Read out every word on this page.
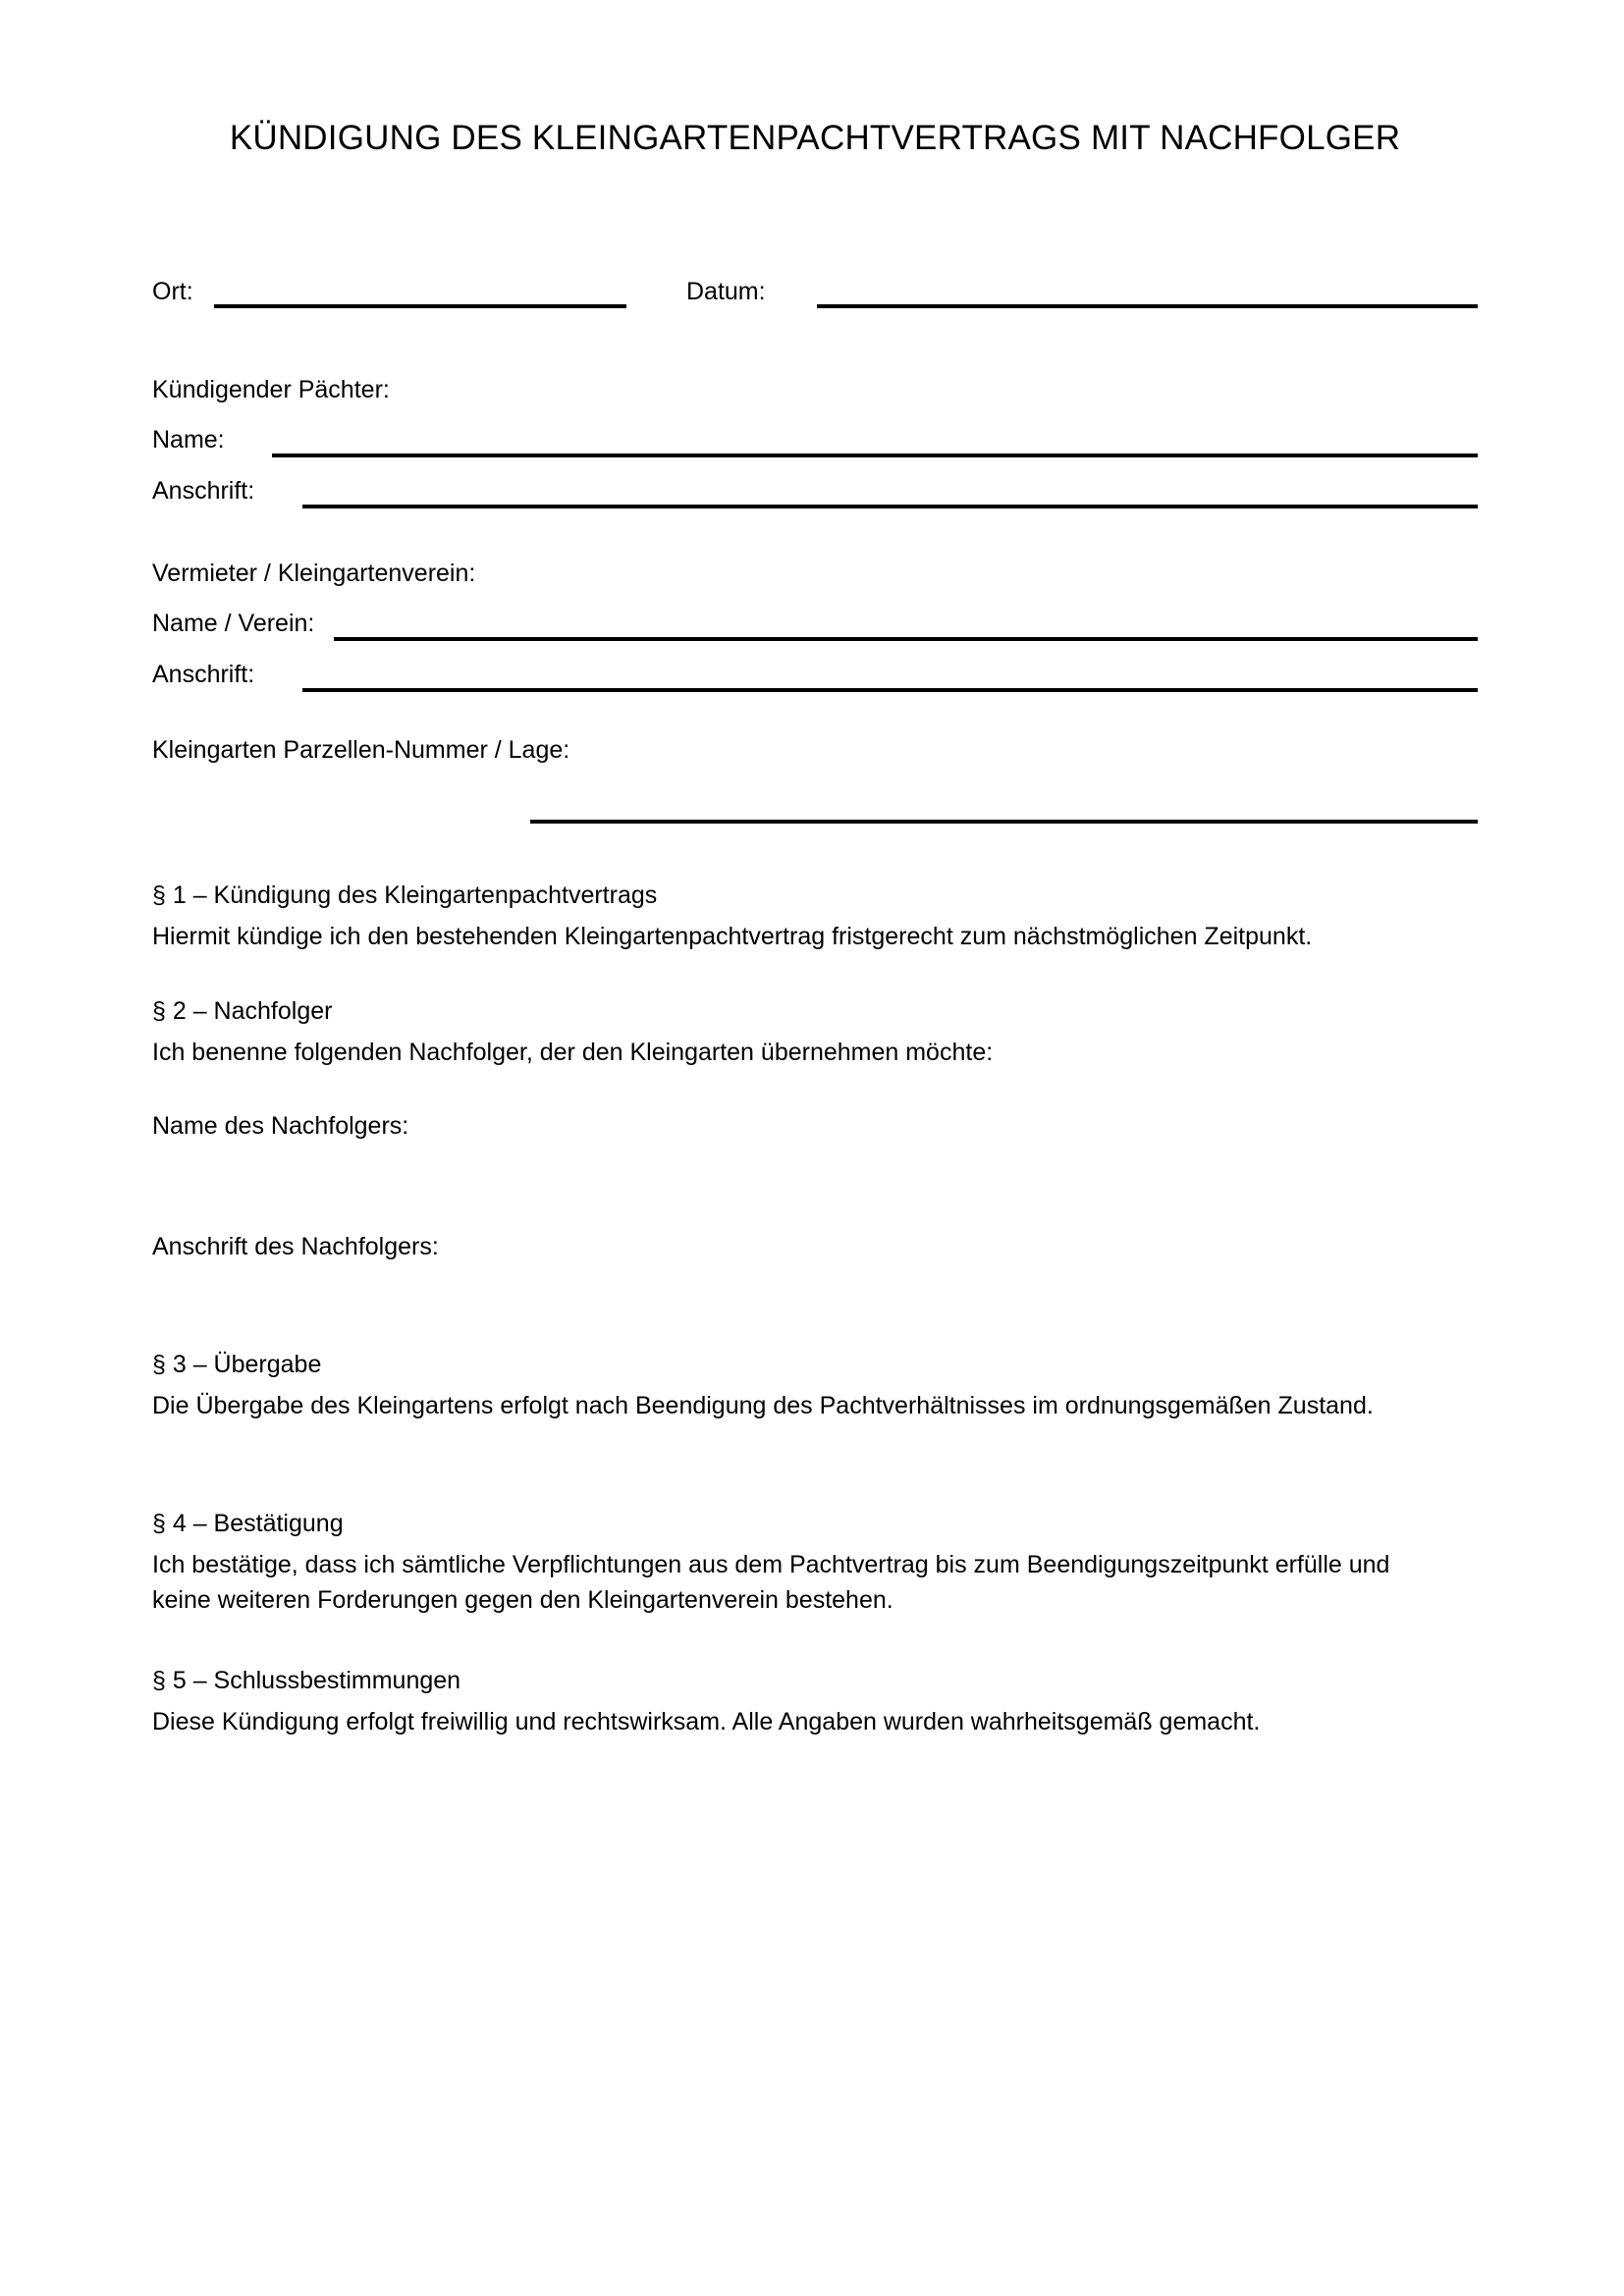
KÜNDIGUNG DES KLEINGARTENPACHTVERTRAGS MIT NACHFOLGER
Ort:	Datum:

Kündigender Pächter:

Name:
Anschrift:

Vermieter / Kleingartenverein:

Name / Verein:
Anschrift:

Kleingarten Parzellen-Nummer / Lage:

§ 1 – Kündigung des Kleingartenpachtvertrags

Hiermit kündige ich den bestehenden Kleingartenpachtvertrag fristgerecht zum nächstmöglichen Zeitpunkt.

§ 2 – Nachfolger

Ich benenne folgenden Nachfolger, der den Kleingarten übernehmen möchte:

Name des Nachfolgers:

Anschrift des Nachfolgers:

§ 3 – Übergabe

Die Übergabe des Kleingartens erfolgt nach Beendigung des Pachtverhältnisses im ordnungsgemäßen Zustand.

§ 4 – Bestätigung

Ich bestätige, dass ich sämtliche Verpflichtungen aus dem Pachtvertrag bis zum Beendigungszeitpunkt erfülle und keine weiteren Forderungen gegen den Kleingartenverein bestehen.

§ 5 – Schlussbestimmungen

Diese Kündigung erfolgt freiwillig und rechtswirksam. Alle Angaben wurden wahrheitsgemäß gemacht.
